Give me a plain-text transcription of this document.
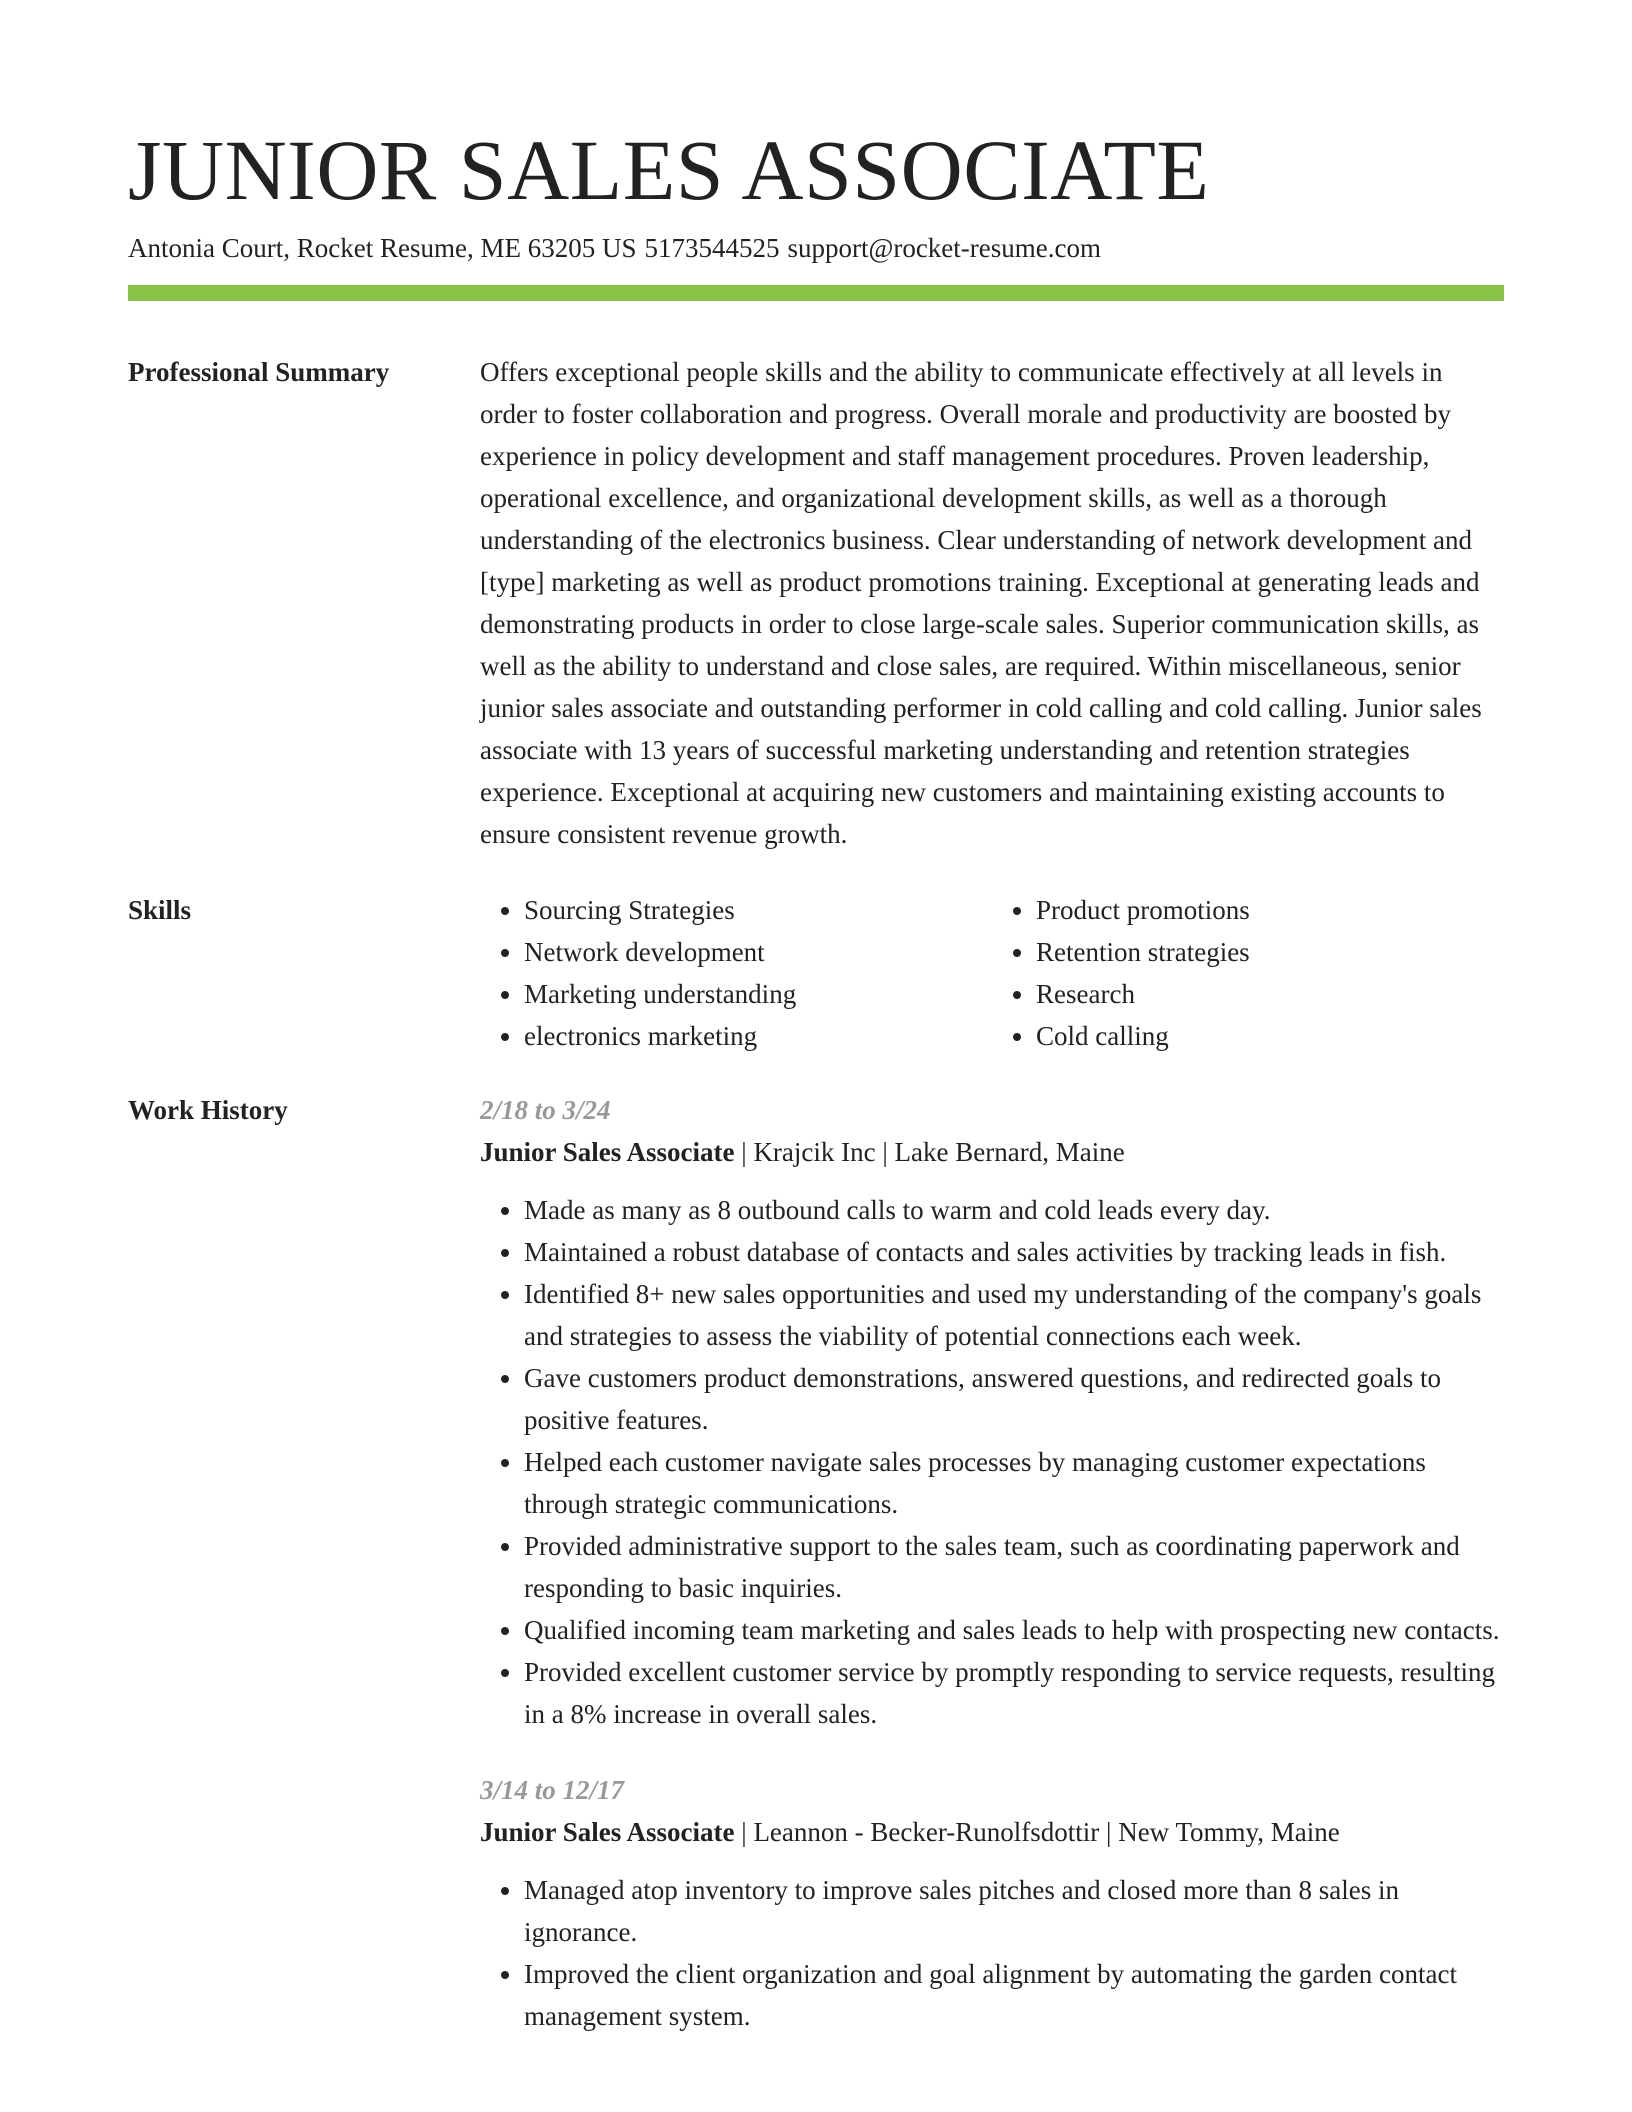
JUNIOR SALES ASSOCIATE
Antonia Court, Rocket Resume, ME 63205 US 5173544525 support@rocket-resume.com
Professional Summary	Offers exceptional people skills and the ability to communicate effectively at all levels in order to foster collaboration and progress. Overall morale and productivity are boosted by experience in policy development and staff management procedures. Proven leadership, operational excellence, and organizational development skills, as well as a thorough understanding of the electronics business. Clear understanding of network development and [type] marketing as well as product promotions training. Exceptional at generating leads and demonstrating products in order to close large-scale sales. Superior communication skills, as well as the ability to understand and close sales, are required. Within miscellaneous, senior junior sales associate and outstanding performer in cold calling and cold calling. Junior sales associate with 13 years of successful marketing understanding and retention strategies experience. Exceptional at acquiring new customers and maintaining existing accounts to ensure consistent revenue growth.

Skills
•	Sourcing Strategies
• Network development
• Marketing understanding
• electronics marketing
• Product promotions
• Retention strategies
• Research
• Cold calling
Work History	2/18 to 3/24
Junior Sales Associate | Krajcik Inc | Lake Bernard, Maine
• Made as many as 8 outbound calls to warm and cold leads every day.
• Maintained a robust database of contacts and sales activities by tracking leads in fish.
• Identified 8+ new sales opportunities and used my understanding of the company's goals and strategies to assess the viability of potential connections each week.
• Gave customers product demonstrations, answered questions, and redirected goals to positive features.
• Helped each customer navigate sales processes by managing customer expectations through strategic communications.
• Provided administrative support to the sales team, such as coordinating paperwork and responding to basic inquiries.
• Qualified incoming team marketing and sales leads to help with prospecting new contacts.
• Provided excellent customer service by promptly responding to service requests, resulting in a 8% increase in overall sales.
3/14 to 12/17
Junior Sales Associate | Leannon - Becker-Runolfsdottir | New Tommy, Maine
• Managed atop inventory to improve sales pitches and closed more than 8 sales in ignorance.
• Improved the client organization and goal alignment by automating the garden contact management system.
